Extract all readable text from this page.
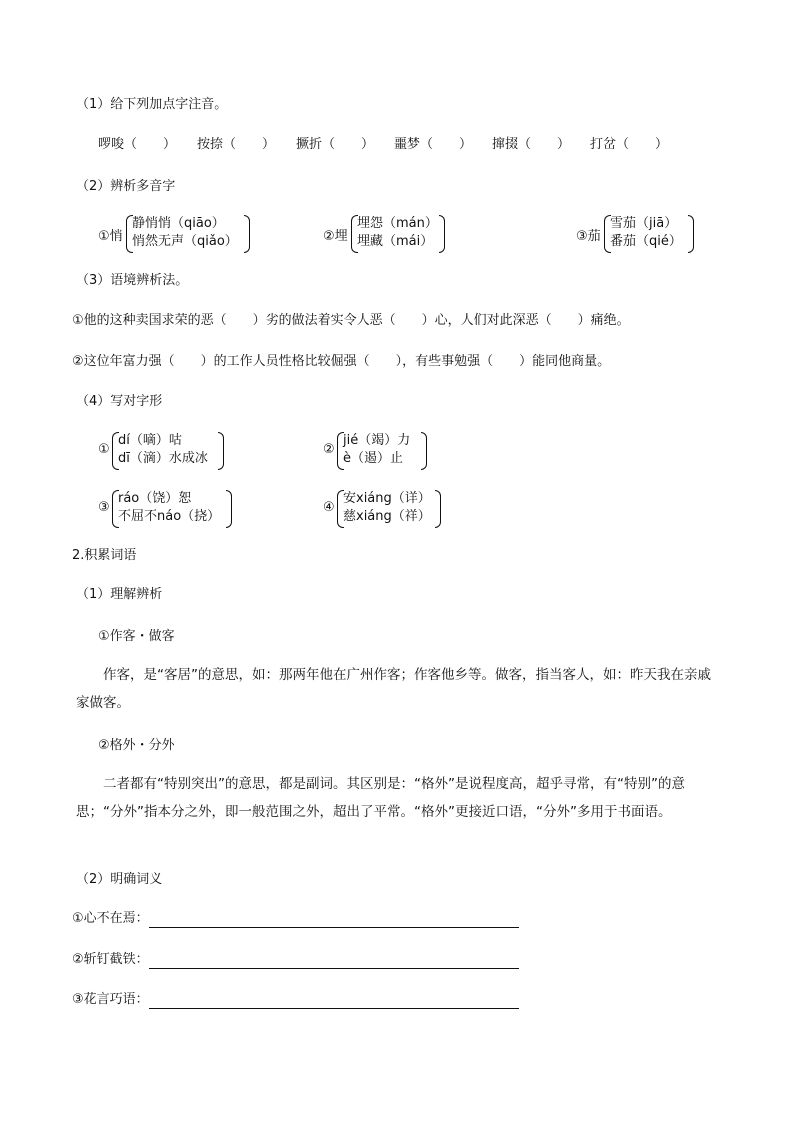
（1）给下列加点字注音。
啰唆（　　） 按捺（　　） 撅折（　　） 噩梦（　　） 撺掇（　　） 打岔（　　）
（2）辨析多音字
①悄
静悄悄（qiāo）
悄然无声（qiǎo）	②埋
埋怨（mán）
埋藏（mái）	③茄
雪茄（jiā）
番茄（qié）
（3）语境辨析法。
①他的这种卖国求荣的恶（　　）劣的做法着实令人恶（　　）心，人们对此深恶（　　）痛绝。
②这位年富力强（　　）的工作人员性格比较倔强（　　），有些事勉强（　　）能同他商量。
（4）写对字形
①
dí（嘀）咕
dī（滴）水成冰
②
jié（竭）力
è（遏）止
③
ráo（饶）恕
不屈不náo（挠）
④
安xiáng（详）
慈xiáng（祥）
2.积累词语
（1）理解辨析
①作客・做客

作客，是“客居”的意思，如：那两年他在广州作客；作客他乡等。做客，指当客人，如：昨天我在亲戚家做客。

②格外・分外

二者都有“特别突出”的意思，都是副词。其区别是：“格外”是说程度高，超乎寻常，有“特别”的意思；“分外”指本分之外，即一般范围之外，超出了平常。“格外”更接近口语，“分外”多用于书面语。

（2）明确词义
①心不在焉：
②斩钉截铁：
③花言巧语：
